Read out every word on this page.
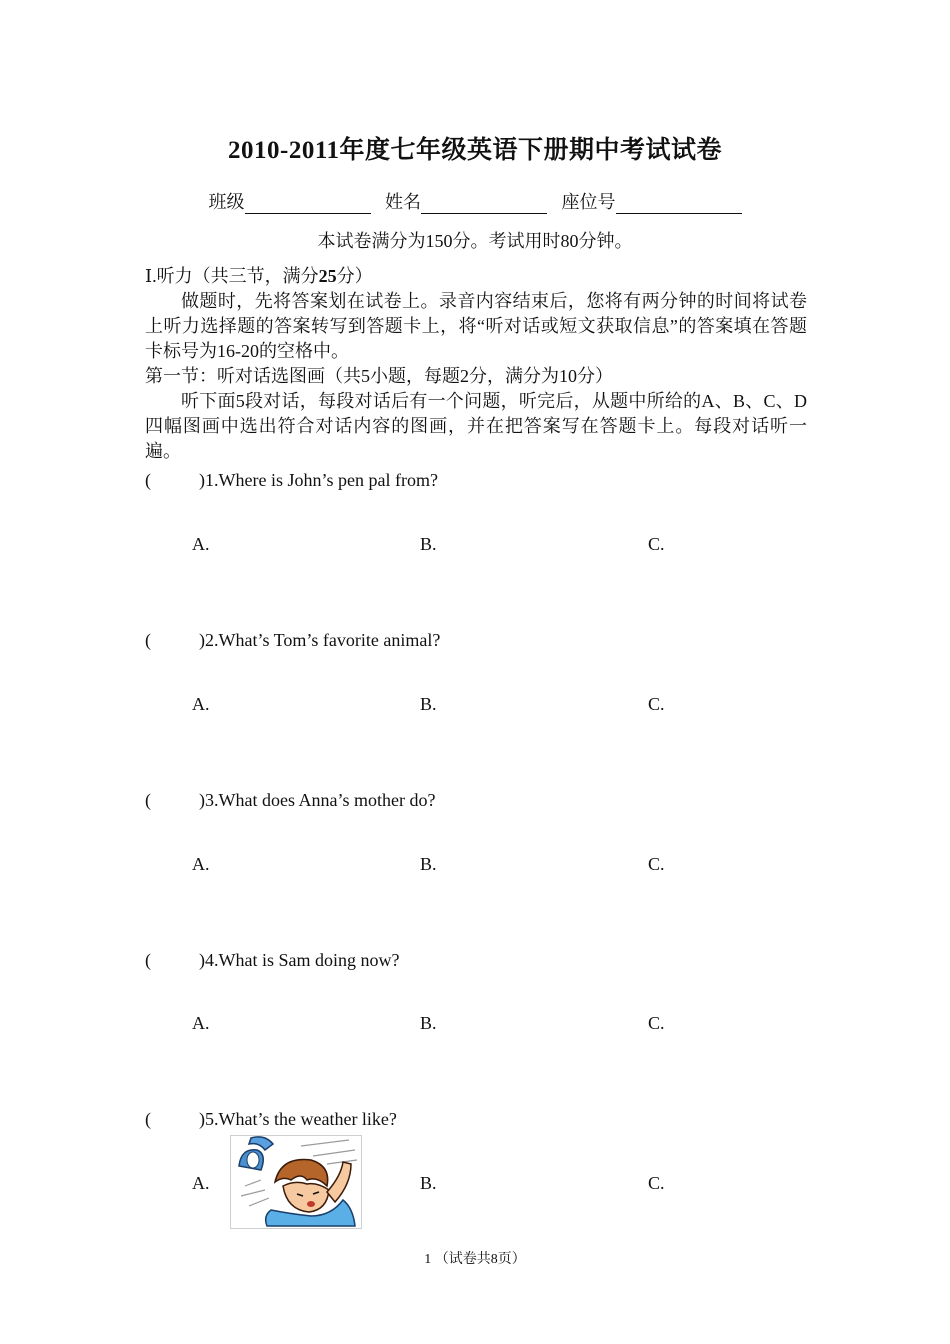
2010-2011年度七年级英语下册期中考试试卷
班级	姓名	座位号
本试卷满分为150分。考试用时80分钟。
Ⅰ.听力（共三节，满分25分）
做题时，先将答案划在试卷上。录音内容结束后，您将有两分钟的时间将试卷上听力选择题的答案转写到答题卡上，将“听对话或短文获取信息”的答案填在答题卡标号为16-20的空格中。
第一节：听对话选图画（共5小题，每题2分，满分为10分）
听下面5段对话，每段对话后有一个问题，听完后，从题中所给的A、B、C、D四幅图画中选出符合对话内容的图画，并在把答案写在答题卡上。每段对话听一遍。
(	)1.Where is John’s pen pal from?
A.	B.	C.
(	)2.What’s Tom’s favorite animal?
A.	B.	C.
(	)3.What does Anna’s mother do?
A.	B.	C.
(	)4.What is Sam doing now?
A.	B.	C.
(	)5.What’s the weather like?
A.	B.	C.
1 （试卷共8页）
